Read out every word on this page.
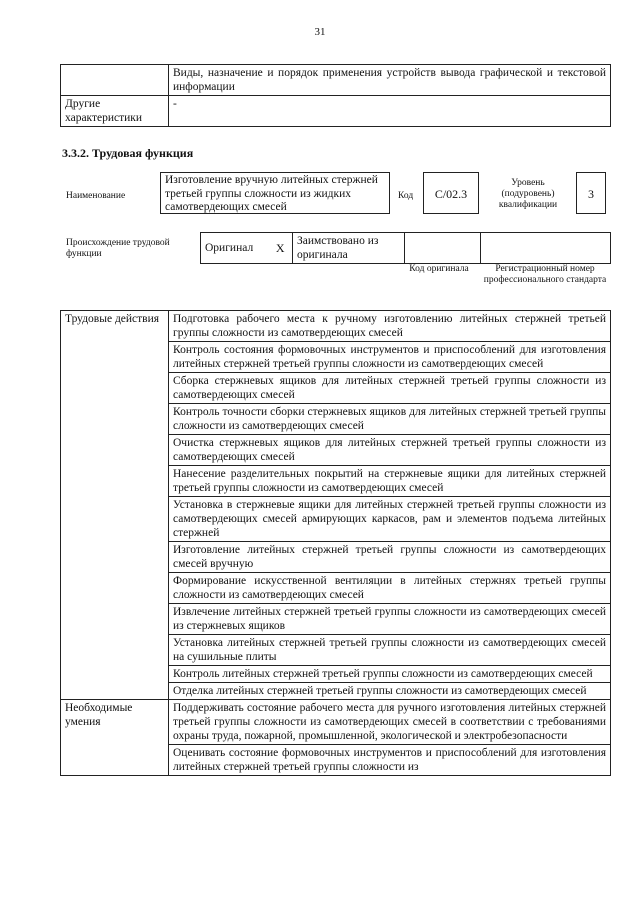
31
	Виды, назначение и порядок применения устройств вывода графической и текстовой информации
Другие характеристики	-
3.3.2. Трудовая функция
Наименование
Изготовление вручную литейных стержней третьей группы сложности из жидких самотвердеющих смесей
Код	С/02.3
Уровень (подуровень) квалификации
3
Происхождение трудовой функции	Оригинал	X	Заимствовано из оригинала		
Код оригинала	Регистрационный номер профессионального стандарта
Трудовые действия	Подготовка рабочего места к ручному изготовлению литейных стержней третьей группы сложности из самотвердеющих смесей
	Контроль состояния формовочных инструментов и приспособлений для изготовления литейных стержней третьей группы сложности из самотвердеющих смесей
	Сборка стержневых ящиков для литейных стержней третьей группы сложности из самотвердеющих смесей
	Контроль точности сборки стержневых ящиков для литейных стержней третьей группы сложности из самотвердеющих смесей
	Очистка стержневых ящиков для литейных стержней третьей группы сложности из самотвердеющих смесей
	Нанесение разделительных покрытий на стержневые ящики для литейных стержней третьей группы сложности из самотвердеющих смесей
	Установка в стержневые ящики для литейных стержней третьей группы сложности из самотвердеющих смесей армирующих каркасов, рам и элементов подъема литейных стержней
	Изготовление литейных стержней третьей группы сложности из самотвердеющих смесей вручную
	Формирование искусственной вентиляции в литейных стержнях третьей группы сложности из самотвердеющих смесей
	Извлечение литейных стержней третьей группы сложности из самотвердеющих смесей из стержневых ящиков
	Установка литейных стержней третьей группы сложности из самотвердеющих смесей на сушильные плиты
	Контроль литейных стержней третьей группы сложности из самотвердеющих смесей
	Отделка литейных стержней третьей группы сложности из самотвердеющих смесей
Необходимые умения	Поддерживать состояние рабочего места для ручного изготовления литейных стержней третьей группы сложности из самотвердеющих смесей в соответствии с требованиями охраны труда, пожарной, промышленной, экологической и электробезопасности
	Оценивать состояние формовочных инструментов и приспособлений для изготовления литейных стержней третьей группы сложности из
